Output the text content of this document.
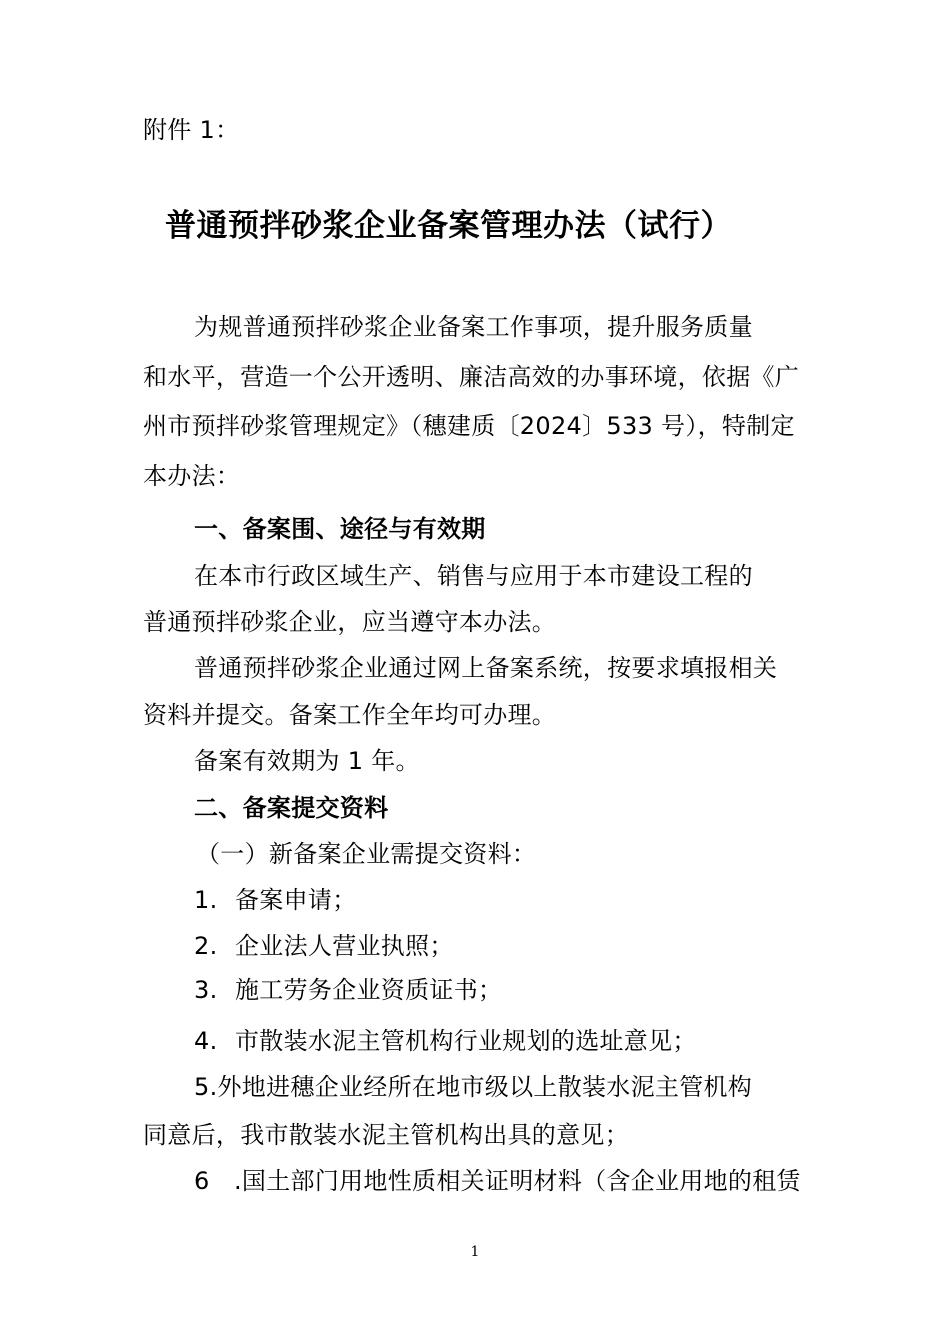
附件 1：
普通预拌砂浆企业备案管理办法（试行）
为规普通预拌砂浆企业备案工作事项，提升服务质量
和水平，营造一个公开透明、廉洁高效的办事环境，依据《广
州市预拌砂浆管理规定》（穗建质〔2024〕533 号），特制定
本办法：
一、备案围、途径与有效期
在本市行政区域生产、销售与应用于本市建设工程的
普通预拌砂浆企业，应当遵守本办法。
普通预拌砂浆企业通过网上备案系统，按要求填报相关
资料并提交。备案工作全年均可办理。
备案有效期为 1 年。
二、备案提交资料
（一）新备案企业需提交资料：
1. 备案申请；
2. 企业法人营业执照；
3. 施工劳务企业资质证书；
4. 市散装水泥主管机构行业规划的选址意见；
5.外地进穗企业经所在地市级以上散装水泥主管机构
同意后，我市散装水泥主管机构出具的意见；
6 .国土部门用地性质相关证明材料（含企业用地的租赁
1
